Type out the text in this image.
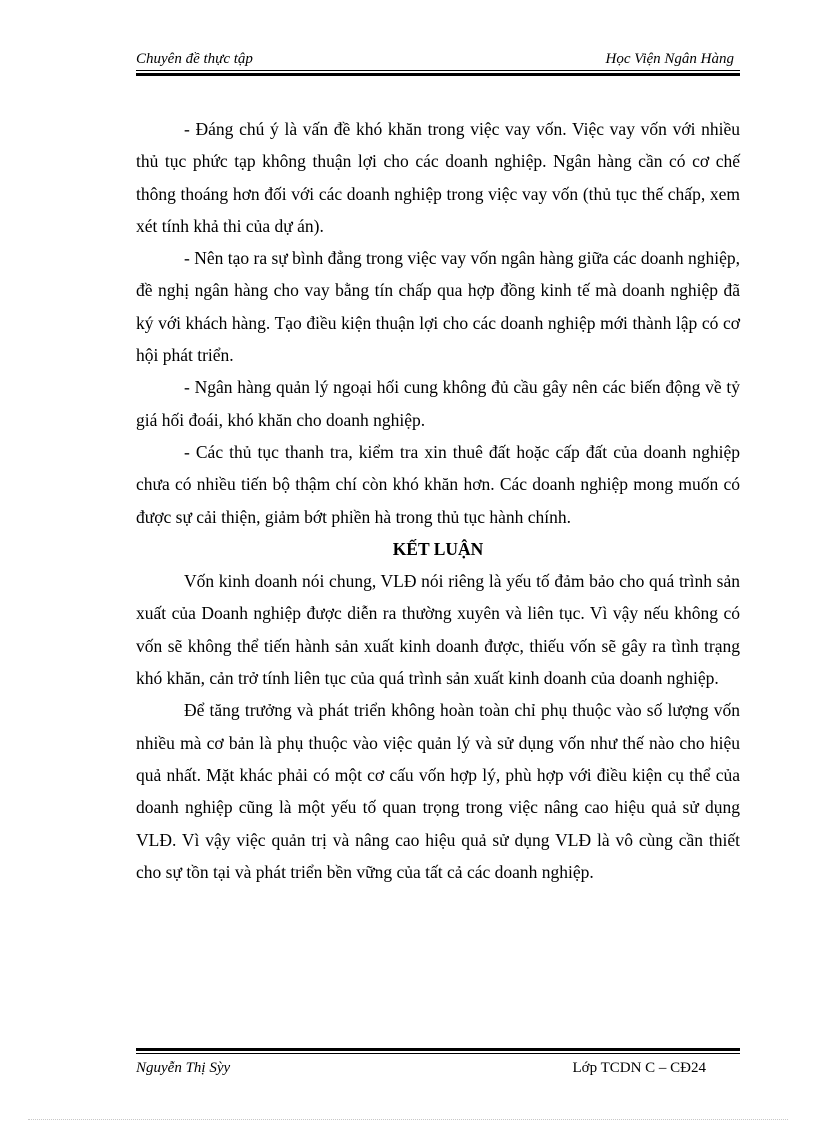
Chuyên đề thực tập	Học Viện Ngân Hàng

- Đáng chú ý là vấn đề khó khăn trong việc vay vốn. Việc vay vốn với nhiều thủ tục phức tạp không thuận lợi cho các doanh nghiệp. Ngân hàng cần có cơ chế thông thoáng hơn đối với các doanh nghiệp trong việc vay vốn (thủ tục thế chấp, xem xét tính khả thi của dự án).

- Nên tạo ra sự bình đẳng trong việc vay vốn ngân hàng giữa các doanh nghiệp, đề nghị ngân hàng cho vay bằng tín chấp qua hợp đồng kinh tế mà doanh nghiệp đã ký với khách hàng. Tạo điều kiện thuận lợi cho các doanh nghiệp mới thành lập có cơ hội phát triển.

- Ngân hàng quản lý ngoại hối cung không đủ cầu gây nên các biến động về tỷ giá hối đoái, khó khăn cho doanh nghiệp.

- Các thủ tục thanh tra, kiểm tra xin thuê đất hoặc cấp đất của doanh nghiệp chưa có nhiều tiến bộ thậm chí còn khó khăn hơn. Các doanh nghiệp mong muốn có được sự cải thiện, giảm bớt phiền hà trong thủ tục hành chính.

KẾT LUẬN

Vốn kinh doanh nói chung, VLĐ nói riêng là yếu tố đảm bảo cho quá trình sản xuất của Doanh nghiệp được diễn ra thường xuyên và liên tục. Vì vậy nếu không có vốn sẽ không thể tiến hành sản xuất kinh doanh được, thiếu vốn sẽ gây ra tình trạng khó khăn, cản trở tính liên tục của quá trình sản xuất kinh doanh của doanh nghiệp.

Để tăng trưởng và phát triển không hoàn toàn chỉ phụ thuộc vào số lượng vốn nhiều mà cơ bản là phụ thuộc vào việc quản lý và sử dụng vốn như thế nào cho hiệu quả nhất. Mặt khác phải có một cơ cấu vốn hợp lý, phù hợp với điều kiện cụ thể của doanh nghiệp cũng là một yếu tố quan trọng trong việc nâng cao hiệu quả sử dụng VLĐ. Vì vậy việc quản trị và nâng cao hiệu quả sử dụng VLĐ là vô cùng cần thiết cho sự tồn tại và phát triển bền vững của tất cả các doanh nghiệp.

Nguyễn Thị Sỳy	Lớp TCDN C – CĐ24
